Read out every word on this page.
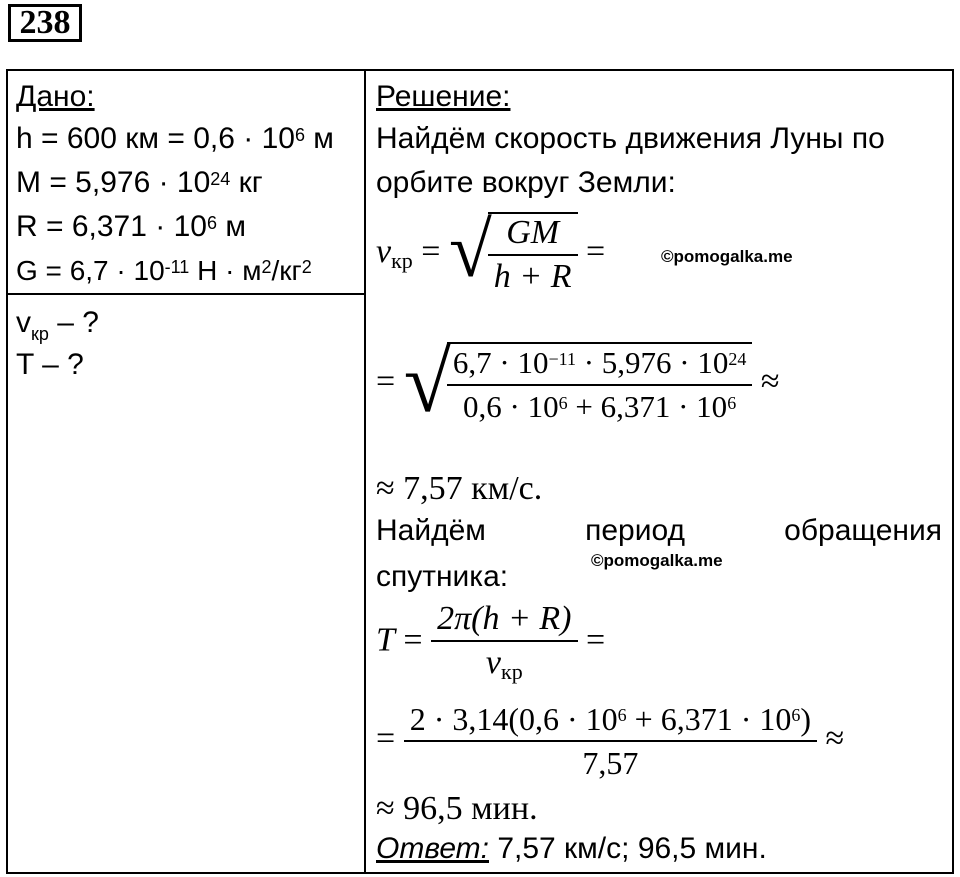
238
Дано:
h = 600 км = $0,6 \cdot 10^6$ м
$M = 5,976 \cdot 10^{24}$ кг
$R = 6,371 \cdot 10^6$ м
$G = 6,7 \cdot 10^{-11}$ $Н \cdot м^2/кг^2$
$v_{кр}$ – ?
T – ?
Решение:
Найдём скорость движения Луны по
орбите вокруг Земли:
$v_{кр}$ = √
$\frac{GM}{h + R}$ =	©pomogalka.me
= √
$\frac{6,7 \cdot 10^{-11} \cdot 5,976 \cdot 10^{24}}{0,6 \cdot 10^6 + 6,371 \cdot 10^6}$ ≈
≈ 7,57 км/с.
Найдём	период	обращения
©pomogalka.me
спутника:
$T = \frac{2\pi(h + R)}{v_{кр}}$ =
= $\frac{2 \cdot 3,14(0,6 \cdot 10^6 + 6,371 \cdot 10^6)}{7,57}$ ≈
≈ 96,5 мин.
Ответ: 7,57 км/с; 96,5 мин.
